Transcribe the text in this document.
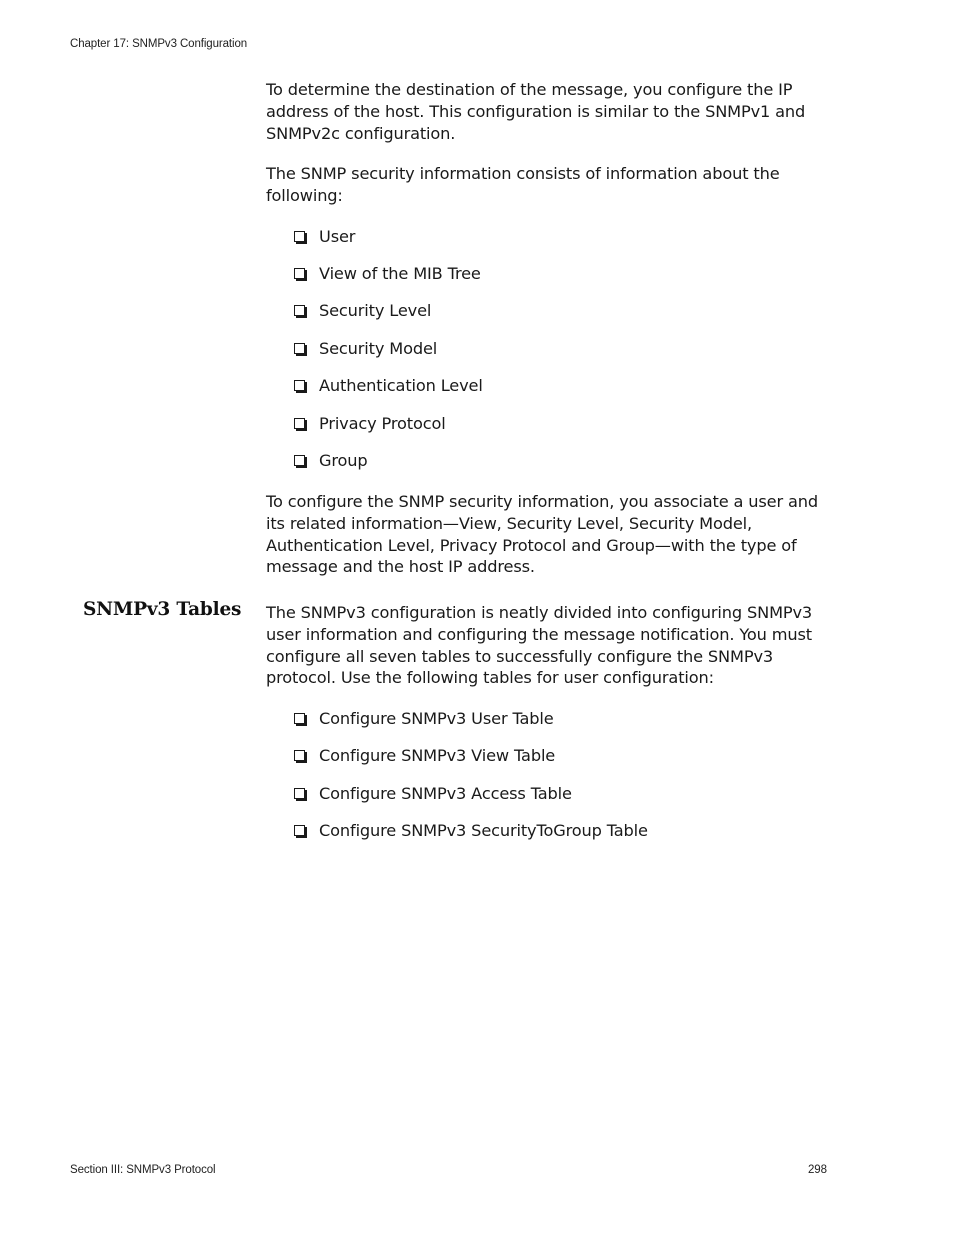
Chapter 17: SNMPv3 Configuration

To determine the destination of the message, you configure the IP address of the host. This configuration is similar to the SNMPv1 and SNMPv2c configuration.

The SNMP security information consists of information about the following:

User
View of the MIB Tree
Security Level
Security Model
Authentication Level
Privacy Protocol
Group

To configure the SNMP security information, you associate a user and its related information—View, Security Level, Security Model, Authentication Level, Privacy Protocol and Group—with the type of message and the host IP address.

SNMPv3 Tables The SNMPv3 configuration is neatly divided into configuring SNMPv3 user information and configuring the message notification. You must configure all seven tables to successfully configure the SNMPv3 protocol. Use the following tables for user configuration:

Configure SNMPv3 User Table
Configure SNMPv3 View Table
Configure SNMPv3 Access Table
Configure SNMPv3 SecurityToGroup Table
Section III: SNMPv3 Protocol	298
